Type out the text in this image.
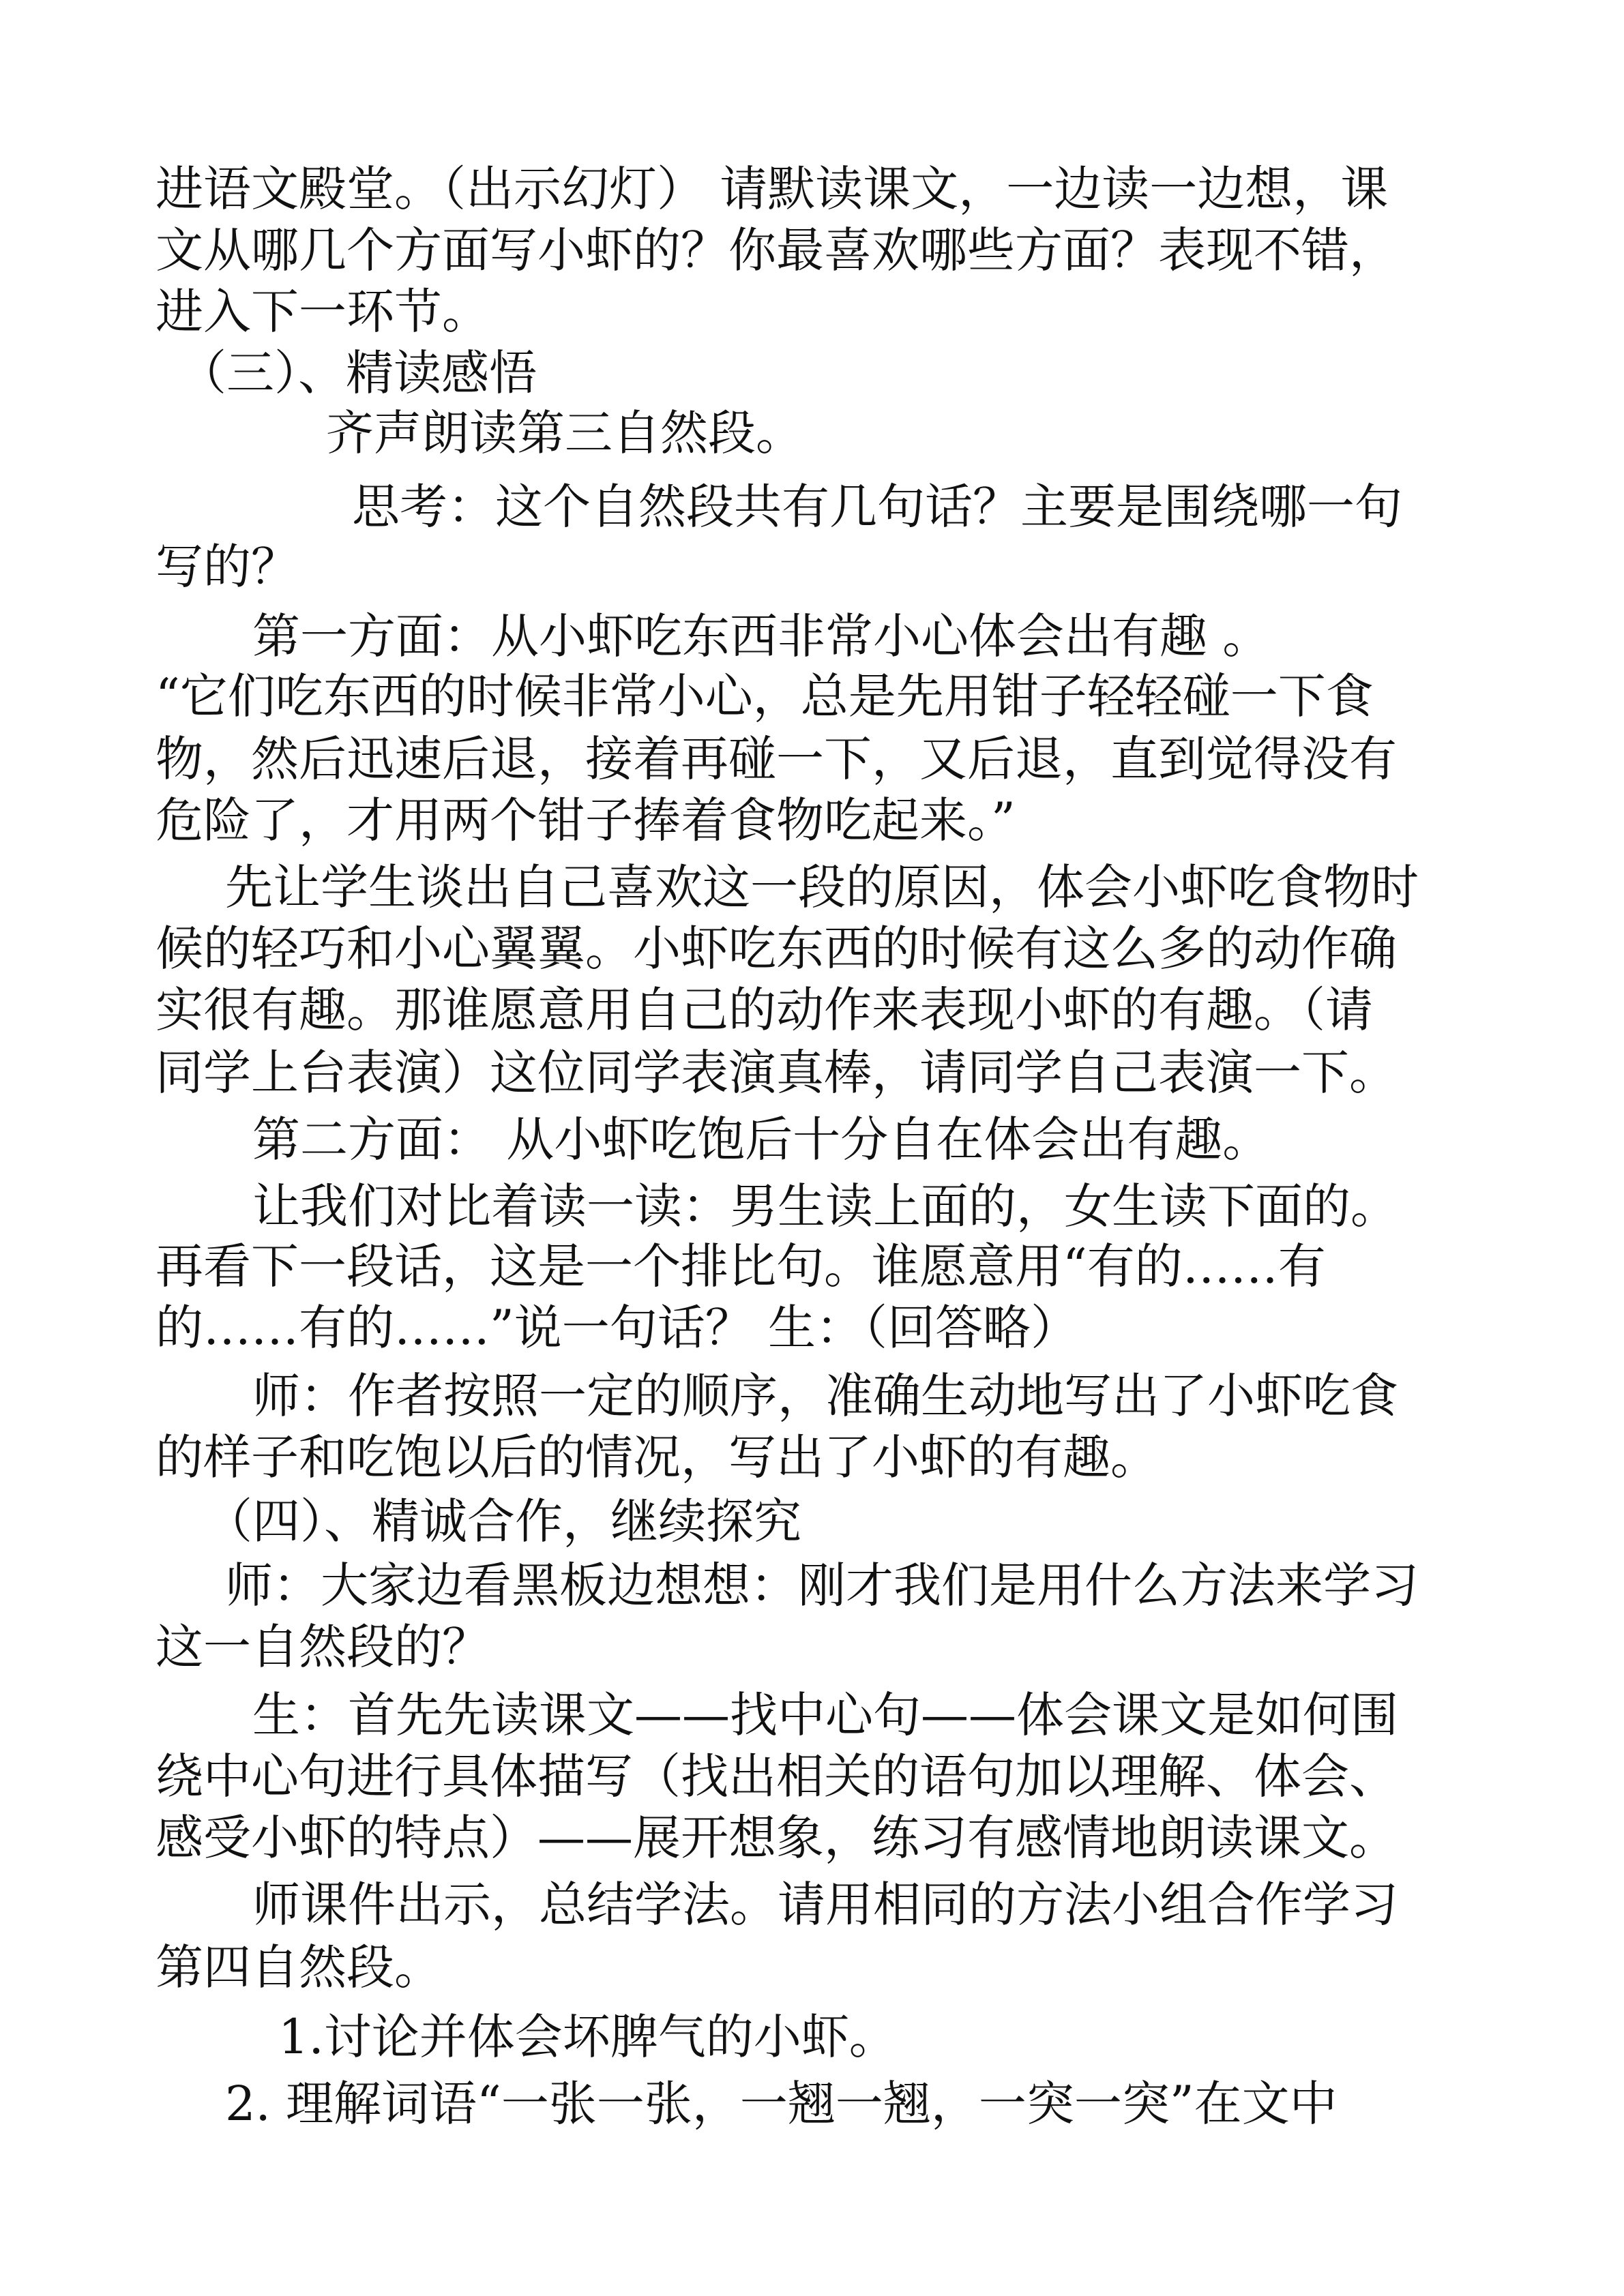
进语文殿堂。（出示幻灯） 请默读课文，一边读一边想，课
文从哪几个方面写小虾的？你最喜欢哪些方面？表现不错，
进入下一环节。
（三）、精读感悟
齐声朗读第三自然段。
思考：这个自然段共有几句话？主要是围绕哪一句
写的？
第一方面：从小虾吃东西非常小心体会出有趣 。
“它们吃东西的时候非常小心，总是先用钳子轻轻碰一下食
物，然后迅速后退，接着再碰一下，又后退，直到觉得没有
危险了，才用两个钳子捧着食物吃起来。”
先让学生谈出自己喜欢这一段的原因，体会小虾吃食物时
候的轻巧和小心翼翼。小虾吃东西的时候有这么多的动作确
实很有趣。那谁愿意用自己的动作来表现小虾的有趣。（请
同学上台表演）这位同学表演真棒，请同学自己表演一下。
第二方面： 从小虾吃饱后十分自在体会出有趣。
让我们对比着读一读：男生读上面的，女生读下面的。
再看下一段话，这是一个排比句。谁愿意用“有的……有
的……有的……”说一句话？ 生：（回答略）
师：作者按照一定的顺序，准确生动地写出了小虾吃食
的样子和吃饱以后的情况，写出了小虾的有趣。
（四）、精诚合作，继续探究
师：大家边看黑板边想想：刚才我们是用什么方法来学习
这一自然段的？
生：首先先读课文——找中心句——体会课文是如何围
绕中心句进行具体描写（找出相关的语句加以理解、体会、
感受小虾的特点）——展开想象，练习有感情地朗读课文。
师课件出示，总结学法。请用相同的方法小组合作学习
第四自然段。
1.讨论并体会坏脾气的小虾。
2. 理解词语“一张一张，一翘一翘，一突一突”在文中
